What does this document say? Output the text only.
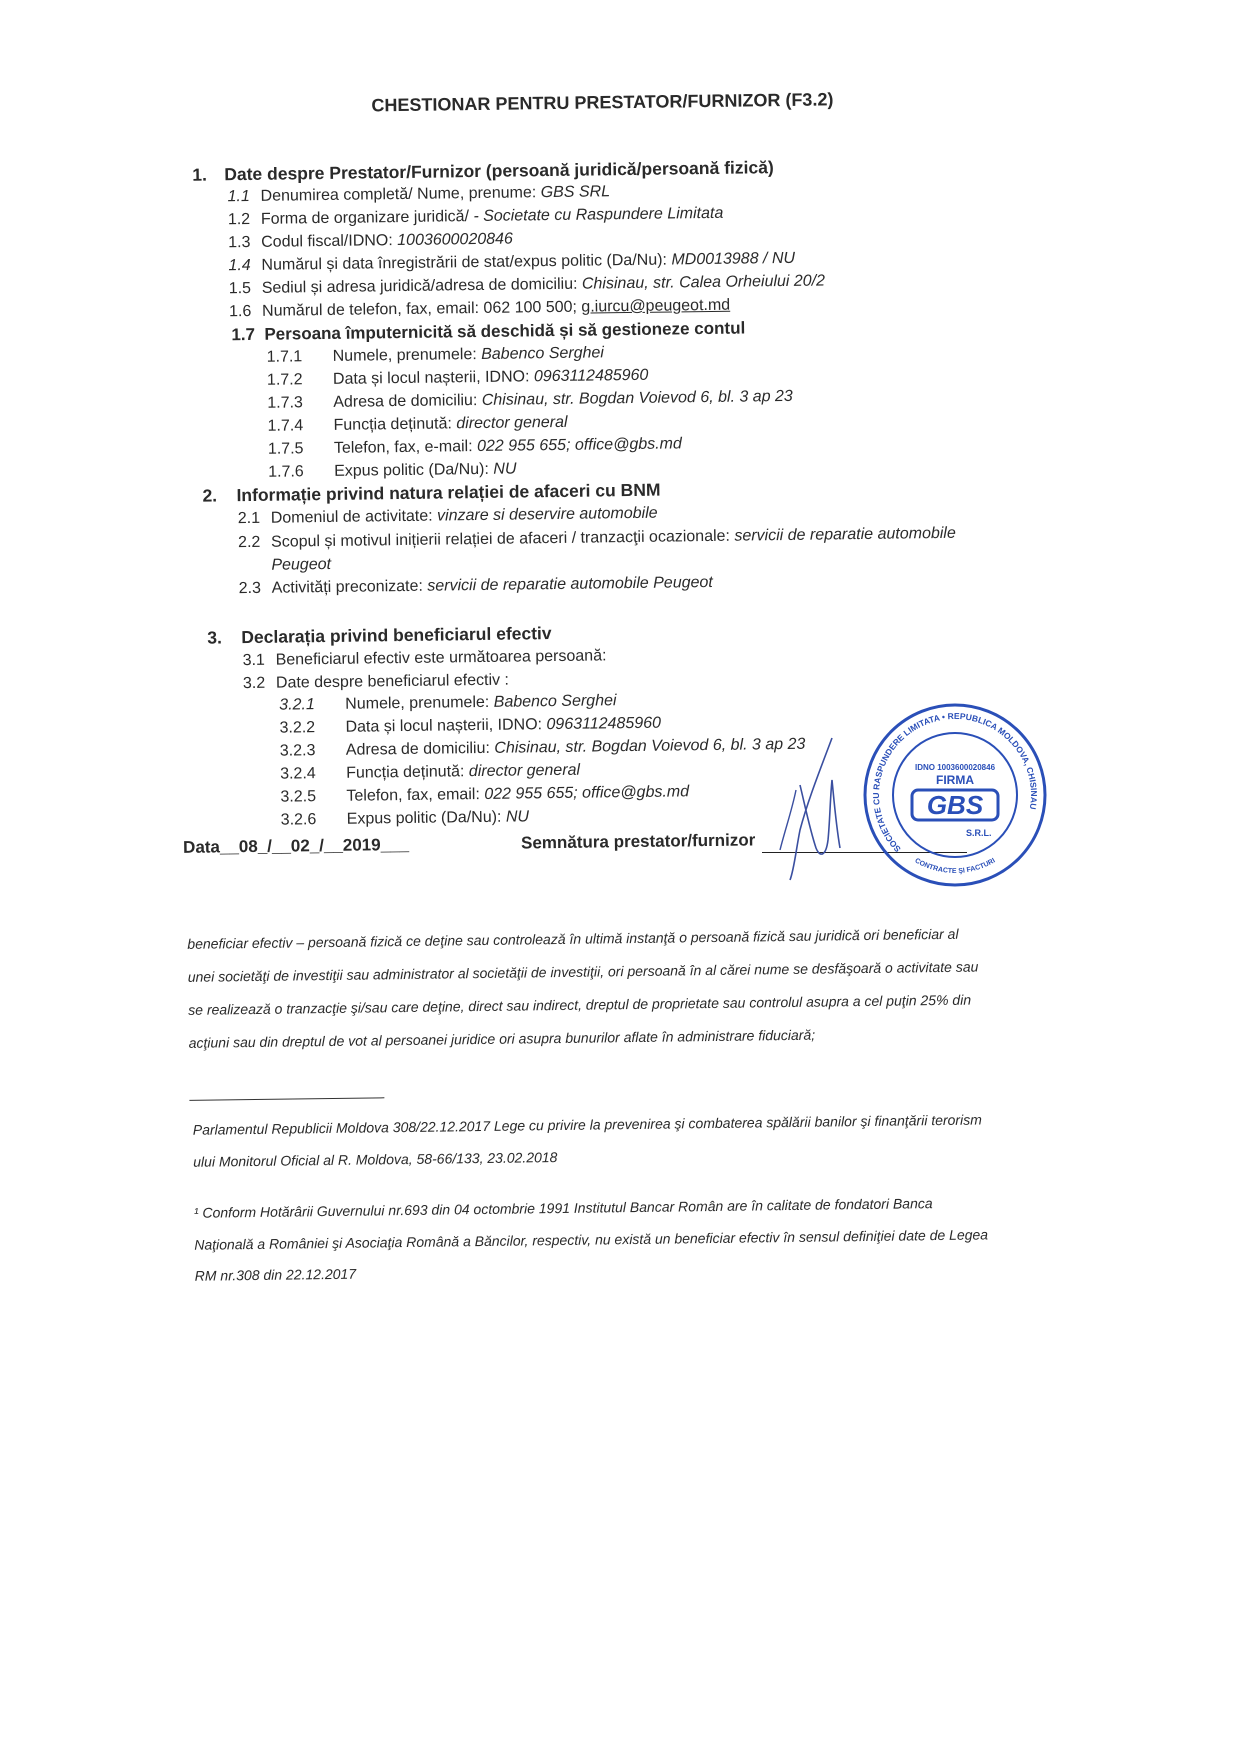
CHESTIONAR PENTRU PRESTATOR/FURNIZOR (F3.2)
1. Date despre Prestator/Furnizor (persoană juridică/persoană fizică)
1.1 Denumirea completă/ Nume, prenume: GBS SRL
1.2 Forma de organizare juridică/ - Societate cu Raspundere Limitata
1.3 Codul fiscal/IDNO: 1003600020846
1.4 Numărul și data înregistrării de stat/expus politic (Da/Nu): MD0013988 / NU
1.5 Sediul și adresa juridică/adresa de domiciliu: Chisinau, str. Calea Orheiului 20/2
1.6 Numărul de telefon, fax, email: 062 100 500; g.iurcu@peugeot.md
1.7 Persoana împuternicită să deschidă și să gestioneze contul
1.7.1 Numele, prenumele: Babenco Serghei
1.7.2 Data și locul nașterii, IDNO: 0963112485960
1.7.3 Adresa de domiciliu: Chisinau, str. Bogdan Voievod 6, bl. 3 ap 23
1.7.4 Funcția deținută: director general
1.7.5 Telefon, fax, e-mail: 022 955 655; office@gbs.md
1.7.6 Expus politic (Da/Nu): NU
2. Informație privind natura relației de afaceri cu BNM
2.1 Domeniul de activitate: vinzare si deservire automobile
2.2 Scopul și motivul inițierii relației de afaceri / tranzacţii ocazionale: servicii de reparatie automobile
Peugeot
2.3 Activități preconizate: servicii de reparatie automobile Peugeot
3. Declarația privind beneficiarul efectiv
3.1 Beneficiarul efectiv este următoarea persoană:
3.2 Date despre beneficiarul efectiv :
3.2.1 Numele, prenumele: Babenco Serghei
3.2.2 Data și locul nașterii, IDNO: 0963112485960
3.2.3 Adresa de domiciliu: Chisinau, str. Bogdan Voievod 6, bl. 3 ap 23
3.2.4 Funcția deținută: director general
3.2.5 Telefon, fax, email: 022 955 655; office@gbs.md
3.2.6 Expus politic (Da/Nu): NU
Data__08_/__02_/__2019___	Semnătura prestator/furnizor
beneficiar efectiv – persoană fizică ce deţine sau controlează în ultimă instanţă o persoană fizică sau juridică ori beneficiar al
unei societăţi de investiţii sau administrator al societăţii de investiţii, ori persoană în al cărei nume se desfăşoară o activitate sau
se realizează o tranzacţie şi/sau care deţine, direct sau indirect, dreptul de proprietate sau controlul asupra a cel puţin 25% din
acţiuni sau din dreptul de vot al persoanei juridice ori asupra bunurilor aflate în administrare fiduciară;
Parlamentul Republicii Moldova 308/22.12.2017 Lege cu privire la prevenirea şi combaterea spălării banilor şi finanţării terorism
ului Monitorul Oficial al R. Moldova, 58-66/133, 23.02.2018
¹ Conform Hotărârii Guvernului nr.693 din 04 octombrie 1991 Institutul Bancar Român are în calitate de fondatori Banca
Naţională a României şi Asociaţia Română a Băncilor, respectiv, nu există un beneficiar efectiv în sensul definiţiei date de Legea
RM nr.308 din 22.12.2017
SOCIETATE CU RASPUNDERE LIMITATA • REPUBLICA MOLDOVA, CHISINAU
CONTRACTE ŞI FACTURI
IDNO 1003600020846
FIRMA
GBS
S.R.L.
